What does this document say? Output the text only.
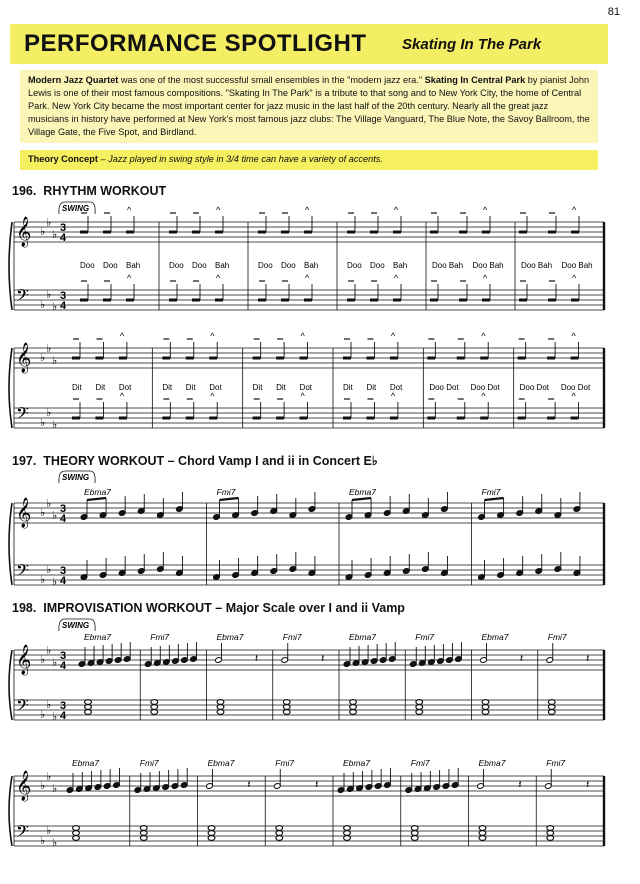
81
PERFORMANCE SPOTLIGHT Skating In The Park
Modern Jazz Quartet was one of the most successful small ensembles in the "modern jazz era." Skating In Central Park by pianist John Lewis is one of their most famous compositions. "Skating In The Park" is a tribute to that song and to New York City, the home of Central Park. New York City became the most important center for jazz music in the last half of the 20th century. Nearly all the great jazz musicians in history have performed at New York's most famous jazz clubs: The Village Vanguard, The Blue Note, the Savoy Ballroom, the Village Gate, the Five Spot, and Birdland.
Theory Concept – Jazz played in swing style in 3/4 time can have a variety of accents.
196. RHYTHM WORKOUT
197. THEORY WORKOUT – Chord Vamp I and ii in Concert E♭
198. IMPROVISATION WORKOUT – Major Scale over I and ii Vamp
SWING
𝄞 ♭
♭
♭
𝄢 ♭
♭
♭
3
4
3
4
^
^
^
^
^
^
^
^
^
^
^
^
Doo Doo Bah	Doo Doo Bah	Doo Doo Bah	Doo Doo Bah	Doo Bah Doo Bah Doo Bah Doo Bah
𝄞 ♭
♭
♭
𝄢 ♭
♭
♭
^
^
^
^
^
^
^
^
^
^
^
^
Dit Dit Dot	Dit Dit Dot	Dit Dit Dot	Dit Dit Dot	Doo Dot Doo Dot Doo Dot Doo Dot
SWING
𝄞 ♭
♭
♭
𝄢 ♭
♭
♭
3
4
3
4
Ebma7	Fmi7	Ebma7	Fmi7
SWING
𝄞 ♭
♭
♭
𝄢 ♭
♭
♭
3
4
3
4
Ebma7	Fmi7	Ebma7
𝄽
Fmi7
𝄽
Ebma7	Fmi7	Ebma7
𝄽
Fmi7
𝄽
𝄞 ♭
♭
♭
𝄢 ♭
♭
♭
Ebma7	Fmi7	Ebma7
𝄽
Fmi7
𝄽
Ebma7	Fmi7	Ebma7
𝄽
Fmi7
𝄽
